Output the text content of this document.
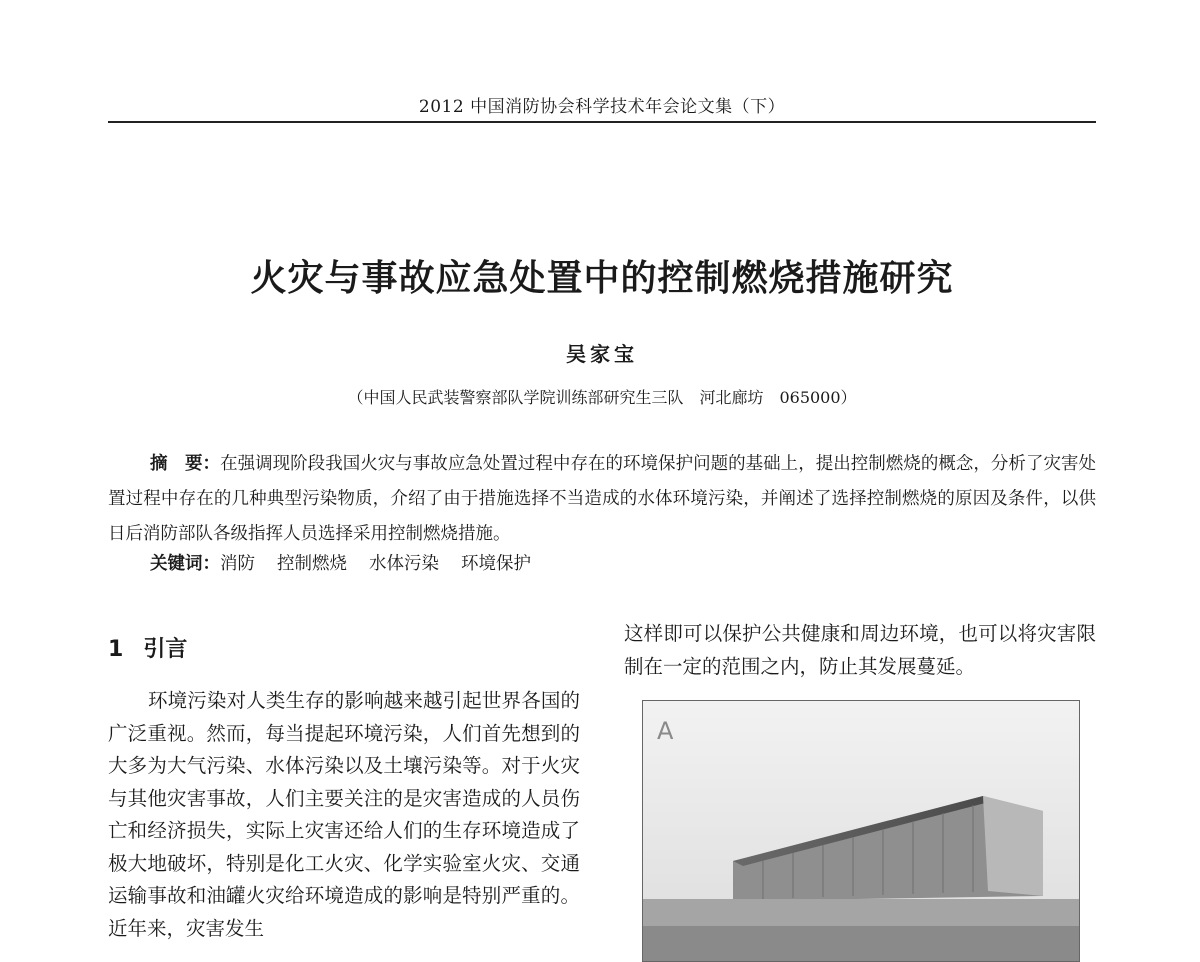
2012 中国消防协会科学技术年会论文集（下）
火灾与事故应急处置中的控制燃烧措施研究
吴家宝
（中国人民武装警察部队学院训练部研究生三队　河北廊坊　065000）

摘　要：在强调现阶段我国火灾与事故应急处置过程中存在的环境保护问题的基础上，提出控制燃烧的概念，分析了灾害处置过程中存在的几种典型污染物质，介绍了由于措施选择不当造成的水体环境污染，并阐述了选择控制燃烧的原因及条件，以供日后消防部队各级指挥人员选择采用控制燃烧措施。

关键词：消防 控制燃烧 水体污染 环境保护
1 引言

环境污染对人类生存的影响越来越引起世界各国的广泛重视。然而，每当提起环境污染，人们首先想到的大多为大气污染、水体污染以及土壤污染等。对于火灾与其他灾害事故，人们主要关注的是灾害造成的人员伤亡和经济损失，实际上灾害还给人们的生存环境造成了极大地破坏，特别是化工火灾、化学实验室火灾、交通运输事故和油罐火灾给环境造成的影响是特别严重的。近年来，灾害发生

这样即可以保护公共健康和周边环境，也可以将灾害限制在一定的范围之内，防止其发展蔓延。

A
